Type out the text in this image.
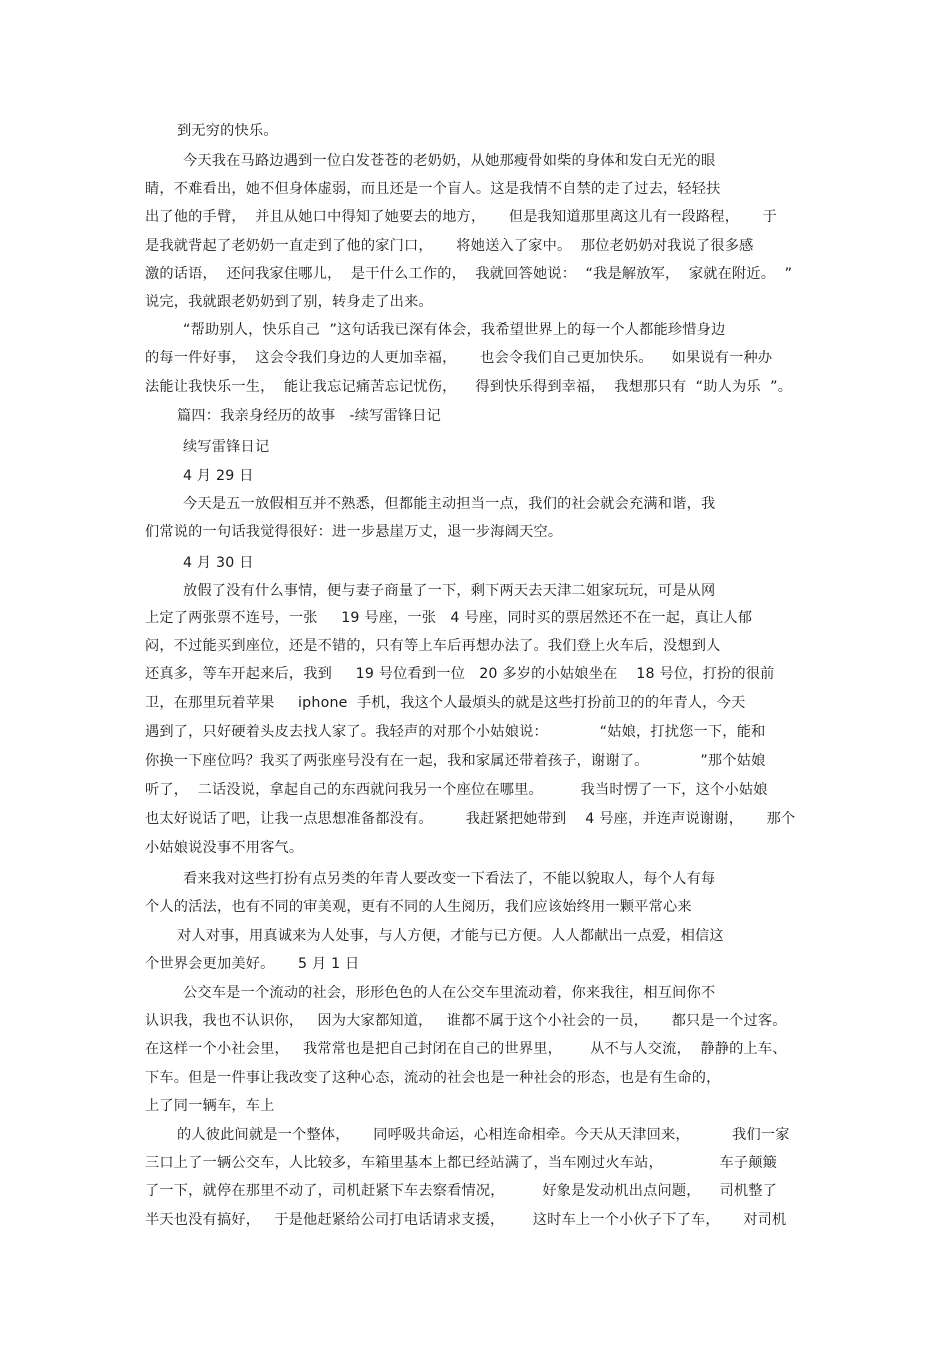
到无穷的快乐。
今天我在马路边遇到一位白发苍苍的老奶奶，从她那瘦骨如柴的身体和发白无光的眼
睛，不难看出，她不但身体虚弱，而且还是一个盲人。这是我情不自禁的走了过去，轻轻扶
出了他的手臂，  并且从她口中得知了她要去的地方，     但是我知道那里离这儿有一段路程，     于
是我就背起了老奶奶一直走到了他的家门口，     将她送入了家中。  那位老奶奶对我说了很多感
激的话语，  还问我家住哪儿，  是干什么工作的，  我就回答她说：  “我是解放军，  家就在附近。  ”
说完，我就跟老奶奶到了别，转身走了出来。
“帮助别人，快乐自己  ”这句话我已深有体会，我希望世界上的每一个人都能珍惜身边
的每一件好事，  这会令我们身边的人更加幸福，     也会令我们自己更加快乐。    如果说有一种办
法能让我快乐一生，  能让我忘记痛苦忘记忧伤，    得到快乐得到幸福，  我想那只有  “助人为乐  ”。
篇四：我亲身经历的故事   -续写雷锋日记
续写雷锋日记
4 月 29 日
今天是五一放假相互并不熟悉，但都能主动担当一点，我们的社会就会充满和谐，我
们常说的一句话我觉得很好：进一步悬崖万丈，退一步海阔天空。
4 月 30 日
放假了没有什么事情，便与妻子商量了一下，剩下两天去天津二姐家玩玩，可是从网
上定了两张票不连号，一张     19 号座，一张   4 号座，同时买的票居然还不在一起，真让人郁
闷，不过能买到座位，还是不错的，只有等上车后再想办法了。我们登上火车后，没想到人
还真多，等车开起来后，我到     19 号位看到一位   20 多岁的小姑娘坐在    18 号位，打扮的很前
卫，在那里玩着苹果     iphone  手机，我这个人最煩头的就是这些打扮前卫的的年青人，今天
遇到了，只好硬着头皮去找人家了。我轻声的对那个小姑娘说：           “姑娘，打扰您一下，能和
你换一下座位吗？我买了两张座号没有在一起，我和家属还带着孩子，谢谢了。           ”那个姑娘
听了，  二话没说，拿起自己的东西就问我另一个座位在哪里。        我当时愣了一下，这个小姑娘
也太好说话了吧，让我一点思想准备都没有。       我赶紧把她带到    4 号座，并连声说谢谢，     那个
小姑娘说没事不用客气。
看来我对这些打扮有点另类的年青人要改变一下看法了，不能以貌取人，每个人有每
个人的活法，也有不同的审美观，更有不同的人生阅历，我们应该始终用一颗平常心来
对人对事，用真诚来为人处事，与人方便，才能与已方便。人人都献出一点爱，相信这
个世界会更加美好。     5 月 1 日
公交车是一个流动的社会，形形色色的人在公交车里流动着，你来我往，相互间你不
认识我，我也不认识你，   因为大家都知道，   谁都不属于这个小社会的一员，     都只是一个过客。
在这样一个小社会里，   我常常也是把自己封闭在自己的世界里，      从不与人交流，  静静的上车、
下车。但是一件事让我改变了这种心态，流动的社会也是一种社会的形态，也是有生命的，
上了同一辆车，车上
的人彼此间就是一个整体，     同呼吸共命运，心相连命相牵。今天从天津回来，         我们一家
三口上了一辆公交车，人比较多，车箱里基本上都已经站满了，当车刚过火车站，            车子颠簸
了一下，就停在那里不动了，司机赶紧下车去察看情况，        好象是发动机出点问题，    司机整了
半天也没有搞好，   于是他赶紧给公司打电话请求支援，      这时车上一个小伙子下了车，     对司机
